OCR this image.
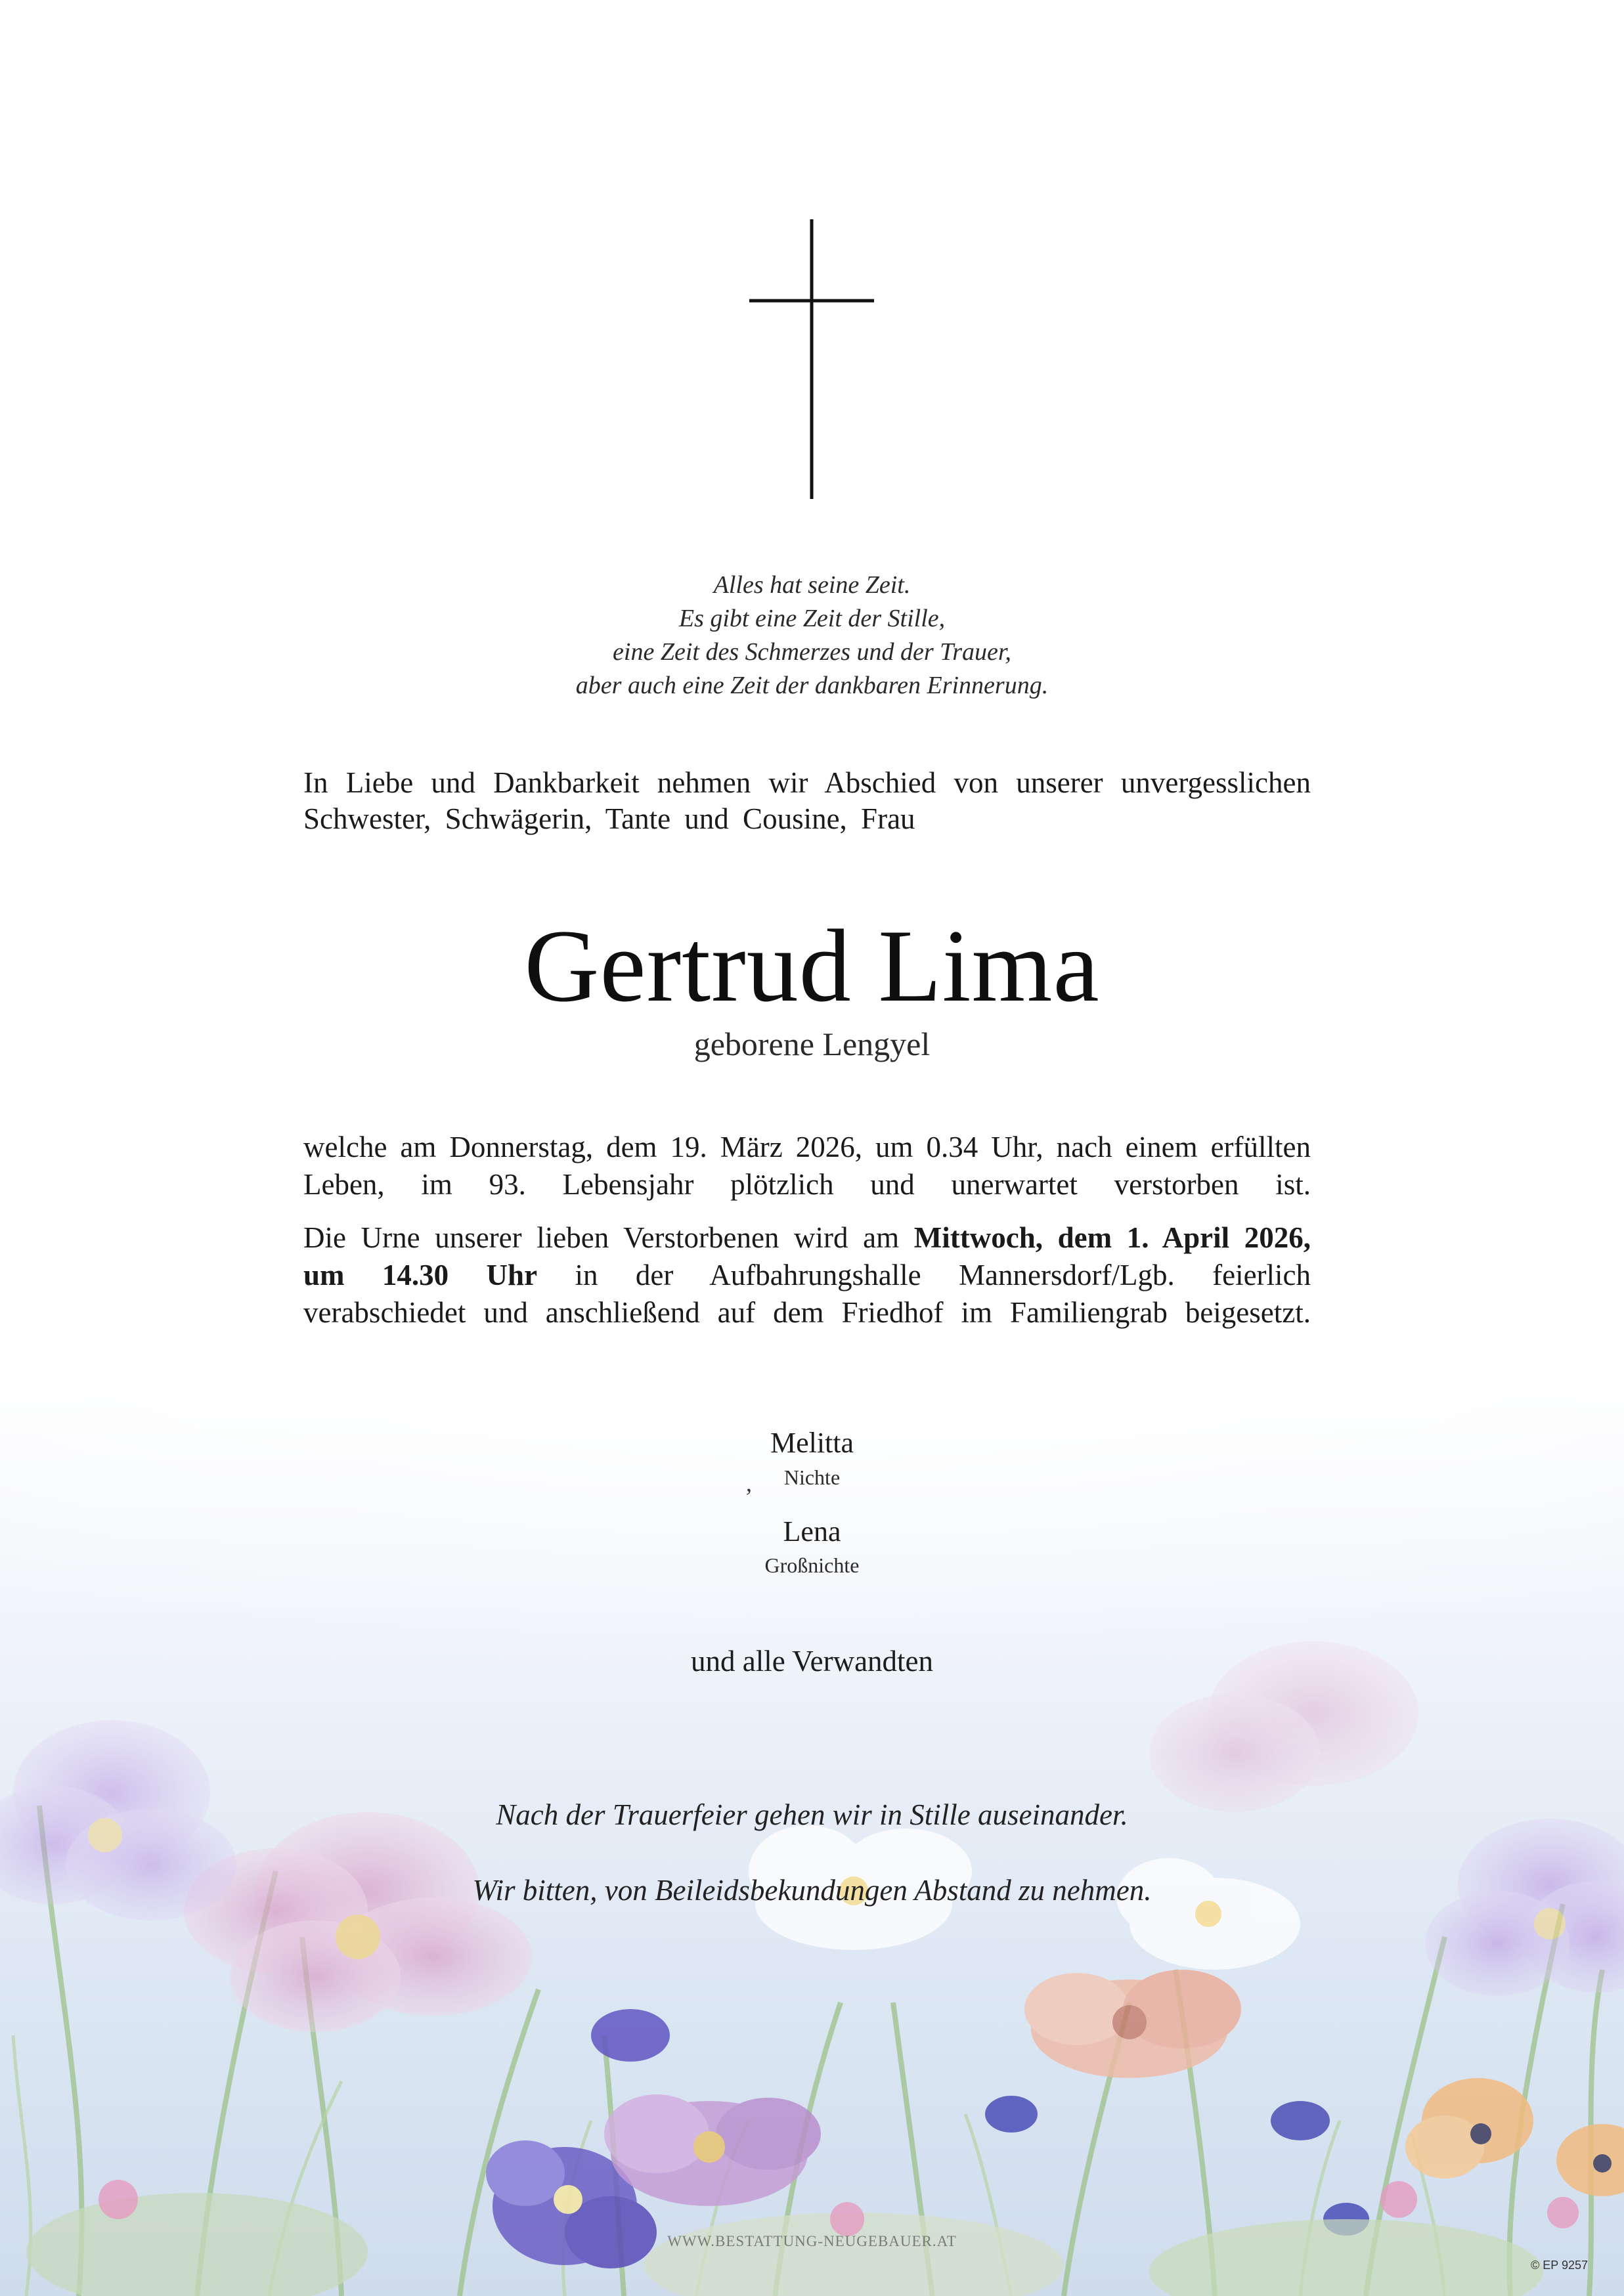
Alles hat seine Zeit.
Es gibt eine Zeit der Stille,
eine Zeit des Schmerzes und der Trauer,
aber auch eine Zeit der dankbaren Erinnerung.
In Liebe und Dankbarkeit nehmen wir Abschied von unserer unvergesslichen
Schwester, Schwägerin, Tante und Cousine, Frau
Gertrud Lima
geborene Lengyel
welche am Donnerstag, dem 19. März 2026, um 0.34 Uhr, nach einem erfüllten
Leben, im 93. Lebensjahr plötzlich und unerwartet verstorben ist.
Die Urne unserer lieben Verstorbenen wird am Mittwoch, dem 1. April 2026,
um 14.30 Uhr in der Aufbahrungshalle Mannersdorf/Lgb. feierlich
verabschiedet und anschließend auf dem Friedhof im Familiengrab beigesetzt.
Melitta
Nichte
,
Lena
Großnichte
und alle Verwandten
Nach der Trauerfeier gehen wir in Stille auseinander.
Wir bitten, von Beileidsbekundungen Abstand zu nehmen.
WWW.BESTATTUNG-NEUGEBAUER.AT
© EP 9257
